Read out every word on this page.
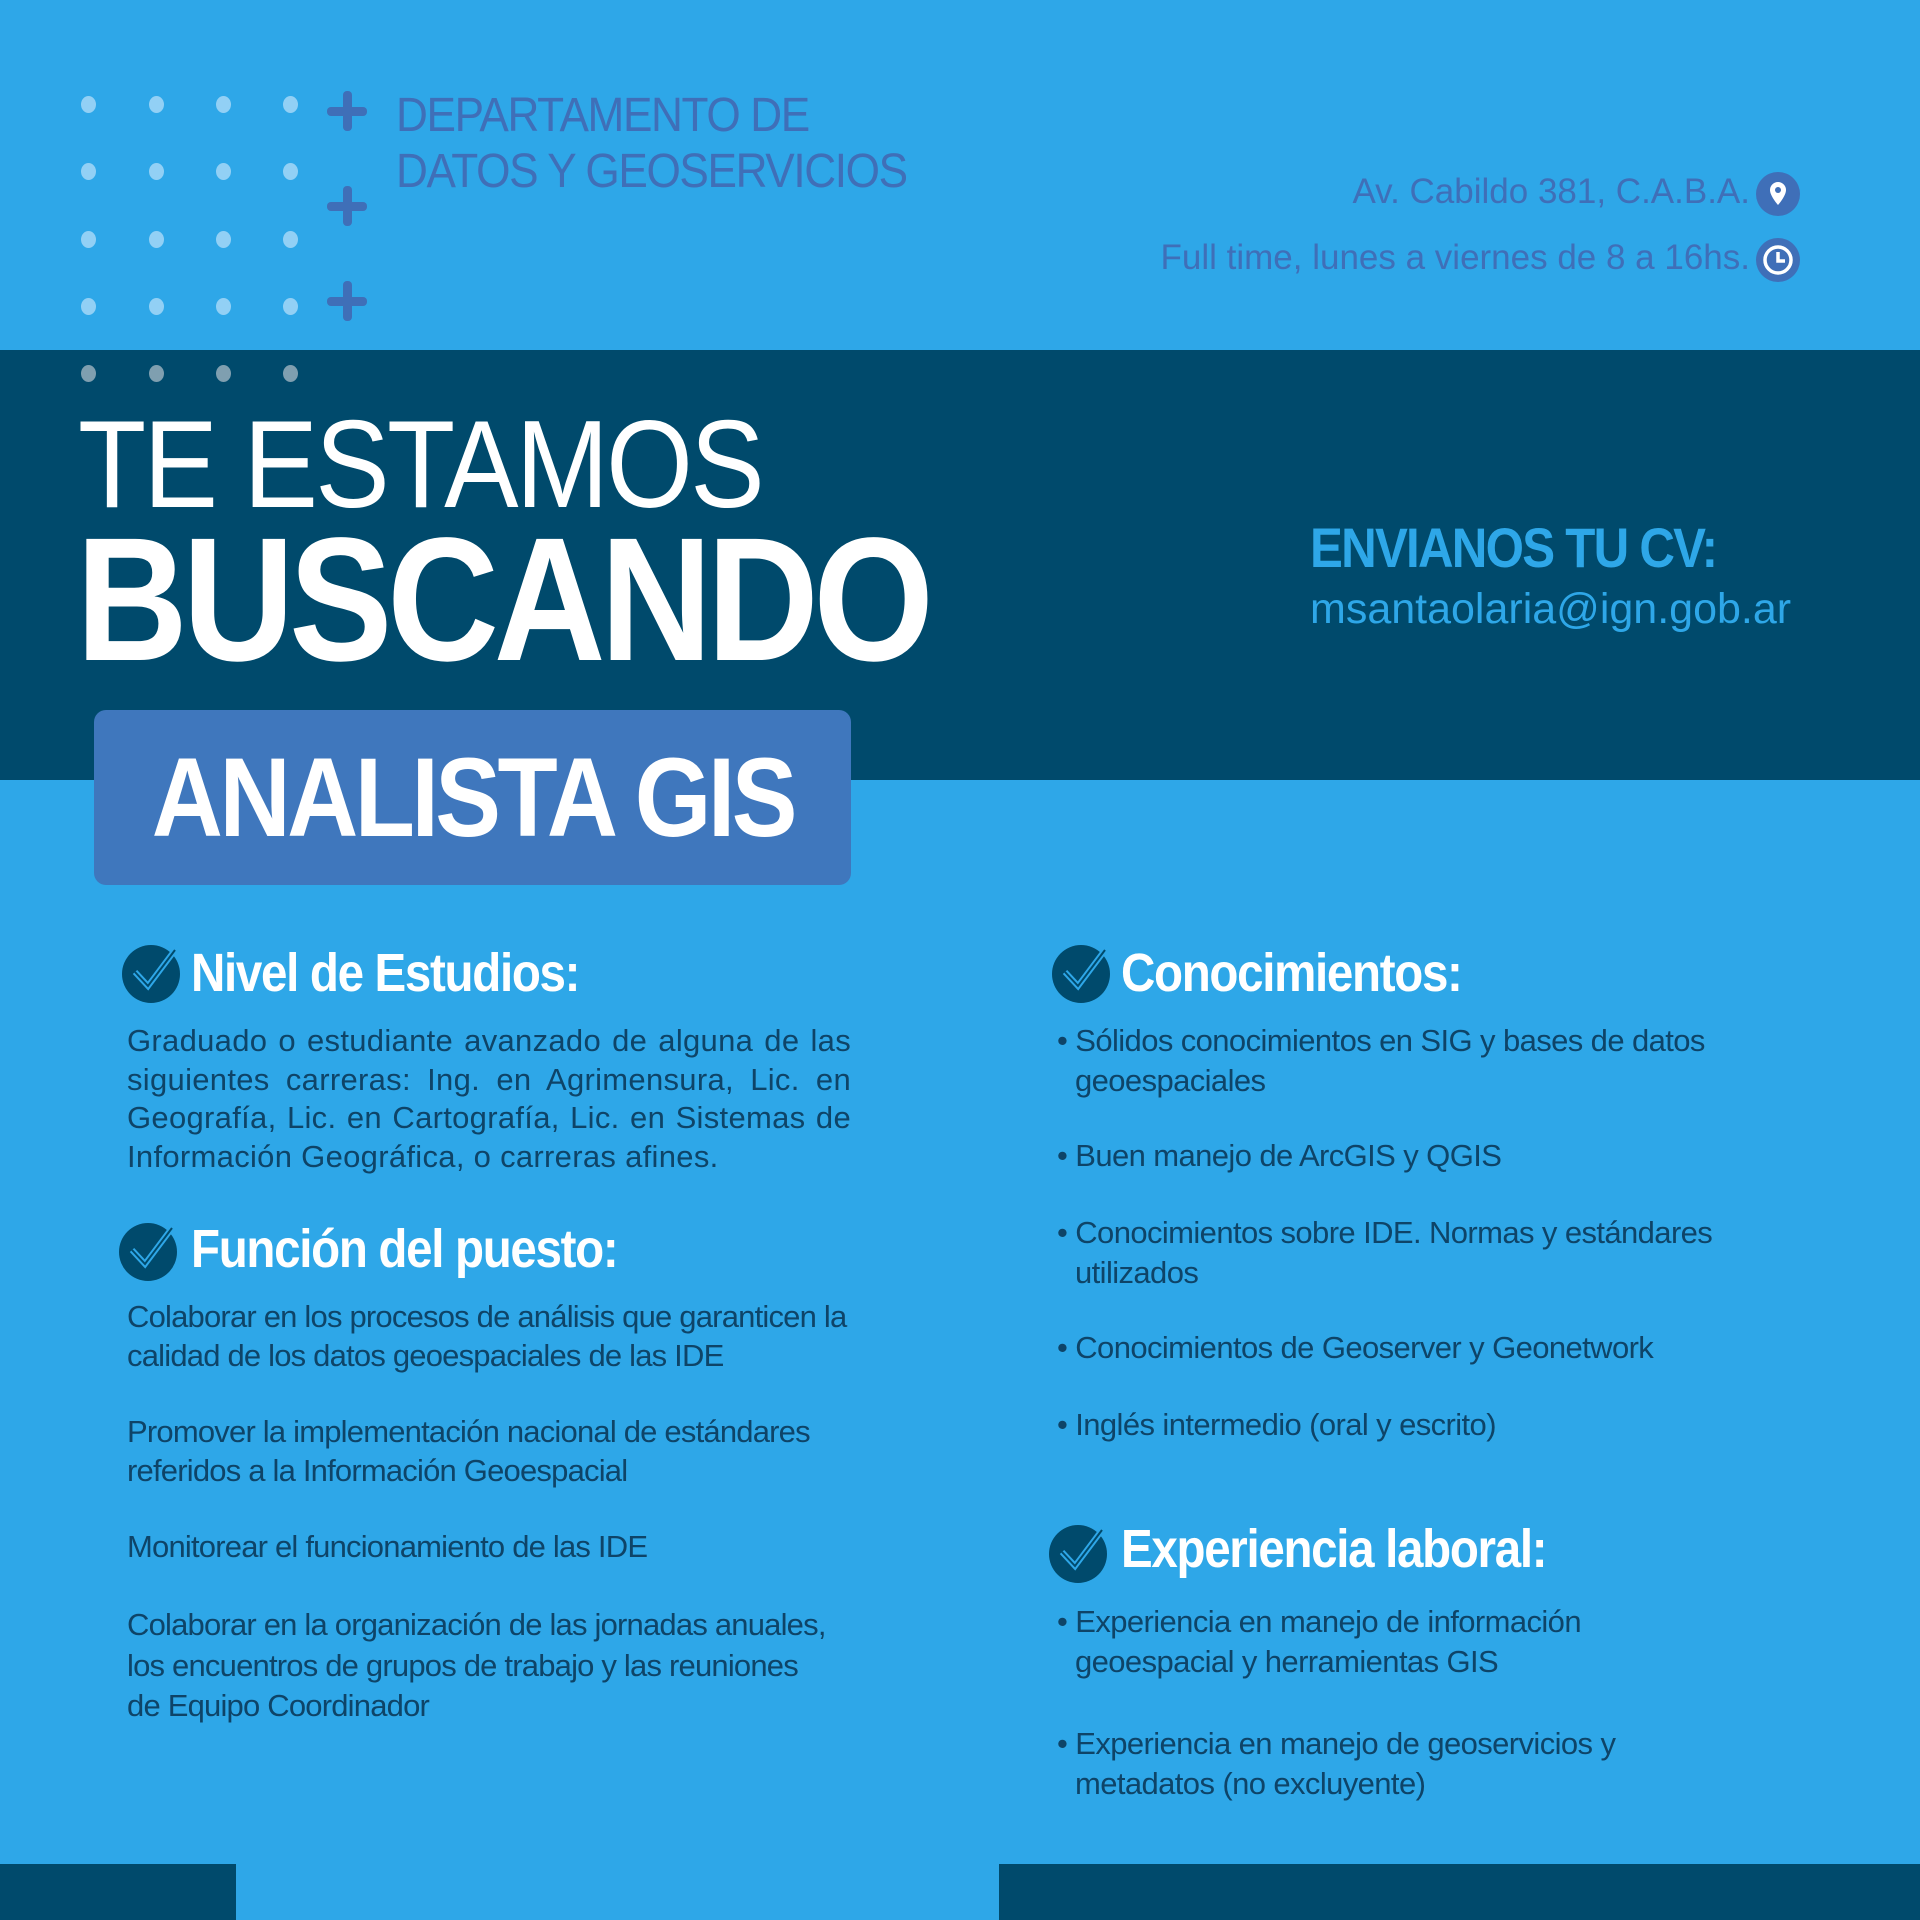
DEPARTAMENTO DE
DATOS Y GEOSERVICIOS	Av. Cabildo 381, C.A.B.A.
Full time, lunes a viernes de 8 a 16hs.
TE ESTAMOS
BUSCANDO	ENVIANOS TU CV:
msantaolaria@ign.gob.ar
ANALISTA GIS
Nivel de Estudios:
Graduado o estudiante avanzado de alguna de las siguientes carreras: Ing. en Agrimensura, Lic. en Geografía, Lic. en Cartografía, Lic. en Sistemas de Información Geográfica, o carreras afines.
Función del puesto:
Colaborar en los procesos de análisis que garanticen la calidad de los datos geoespaciales de las IDE
Promover la implementación nacional de estándares referidos a la Información Geoespacial
Monitorear el funcionamiento de las IDE
Colaborar en la organización de las jornadas anuales, los encuentros de grupos de trabajo y las reuniones de Equipo Coordinador
Conocimientos:
• Sólidos conocimientos en SIG y bases de datos geoespaciales
• Buen manejo de ArcGIS y QGIS
• Conocimientos sobre IDE. Normas y estándares utilizados
• Conocimientos de Geoserver y Geonetwork
• Inglés intermedio (oral y escrito)
Experiencia laboral:
• Experiencia en manejo de información geoespacial y herramientas GIS
• Experiencia en manejo de geoservicios y metadatos (no excluyente)
